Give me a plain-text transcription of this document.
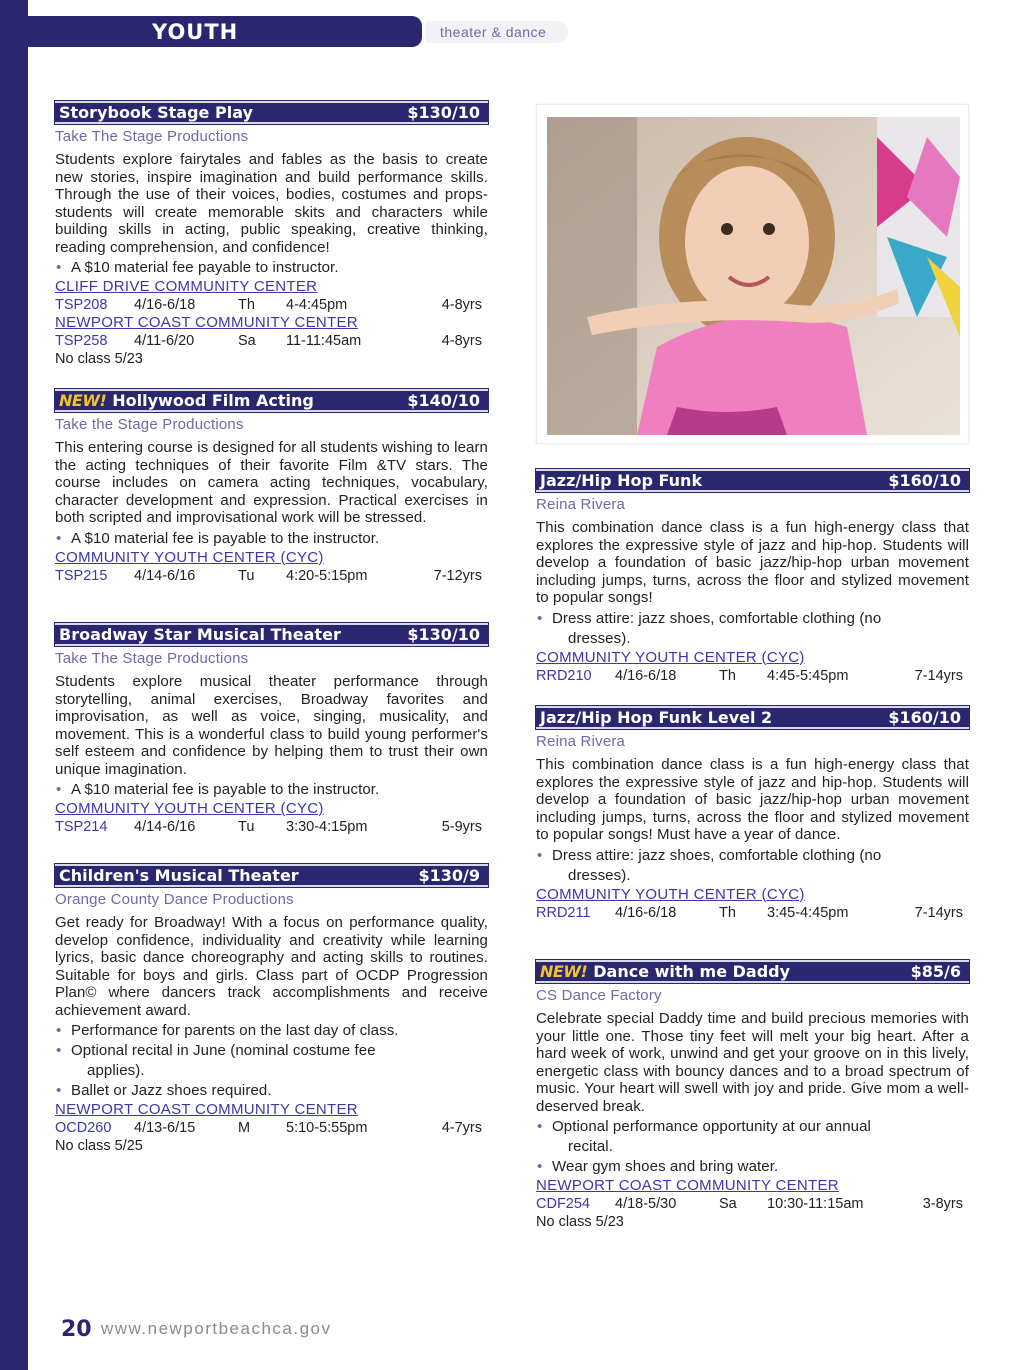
YOUTH	theater & dance
Storybook Stage Play	$130/10
Take The Stage Productions
Students explore fairytales and fables as the basis to create new stories, inspire imagination and build performance skills. Through the use of their voices, bodies, costumes and props-students will create memorable skits and characters while building skills in acting, public speaking, creative thinking, reading comprehension, and confidence!
• A $10 material fee payable to instructor.
CLIFF DRIVE COMMUNITY CENTER
TSP208 4/16-6/18	Th 4-4:45pm	4-8yrs
NEWPORT COAST COMMUNITY CENTER
TSP258 4/11-6/20	Sa 11-11:45am	4-8yrs
No class 5/23
NEW! Hollywood Film Acting	$140/10
Take the Stage Productions
This entering course is designed for all students wishing to learn the acting techniques of their favorite Film &TV stars. The course includes on camera acting techniques, vocabulary, character development and expression. Practical exercises in both scripted and improvisational work will be stressed.
• A $10 material fee is payable to the instructor.
COMMUNITY YOUTH CENTER (CYC)
TSP215 4/14-6/16	Tu 4:20-5:15pm	7-12yrs
Broadway Star Musical Theater	$130/10
Take The Stage Productions
Students explore musical theater performance through storytelling, animal exercises, Broadway favorites and improvisation, as well as voice, singing, musicality, and movement. This is a wonderful class to build young performer's self esteem and confidence by helping them to trust their own unique imagination.
• A $10 material fee is payable to the instructor.
COMMUNITY YOUTH CENTER (CYC)
TSP214 4/14-6/16	Tu 3:30-4:15pm	5-9yrs
Children's Musical Theater	$130/9
Orange County Dance Productions
Get ready for Broadway! With a focus on performance quality, develop confidence, individuality and creativity while learning lyrics, basic dance choreography and acting skills to routines. Suitable for boys and girls. Class part of OCDP Progression Plan© where dancers track accomplishments and receive achievement award.
• Performance for parents on the last day of class.
• Optional recital in June (nominal costume fee
applies).
• Ballet or Jazz shoes required.
NEWPORT COAST COMMUNITY CENTER
OCD260 4/13-6/15	M 5:10-5:55pm	4-7yrs
No class 5/25
Jazz/Hip Hop Funk	$160/10
Reina Rivera
This combination dance class is a fun high-energy class that explores the expressive style of jazz and hip-hop. Students will develop a foundation of basic jazz/hip-hop urban movement including jumps, turns, across the floor and stylized movement to popular songs!
• Dress attire: jazz shoes, comfortable clothing (no
dresses).
COMMUNITY YOUTH CENTER (CYC)
RRD210 4/16-6/18	Th 4:45-5:45pm	7-14yrs
Jazz/Hip Hop Funk Level 2	$160/10
Reina Rivera
This combination dance class is a fun high-energy class that explores the expressive style of jazz and hip-hop. Students will develop a foundation of basic jazz/hip-hop urban movement including jumps, turns, across the floor and stylized movement to popular songs! Must have a year of dance.
• Dress attire: jazz shoes, comfortable clothing (no
dresses).
COMMUNITY YOUTH CENTER (CYC)
RRD211 4/16-6/18	Th 3:45-4:45pm	7-14yrs
NEW! Dance with me Daddy	$85/6
CS Dance Factory
Celebrate special Daddy time and build precious memories with your little one. Those tiny feet will melt your big heart. After a hard week of work, unwind and get your groove on in this lively, energetic class with bouncy dances and to a broad spectrum of music. Your heart will swell with joy and pride. Give mom a well-deserved break.
• Optional performance opportunity at our annual
recital.
• Wear gym shoes and bring water.
NEWPORT COAST COMMUNITY CENTER
CDF254 4/18-5/30	Sa 10:30-11:15am	3-8yrs
No class 5/23
20 www.newportbeachca.gov
